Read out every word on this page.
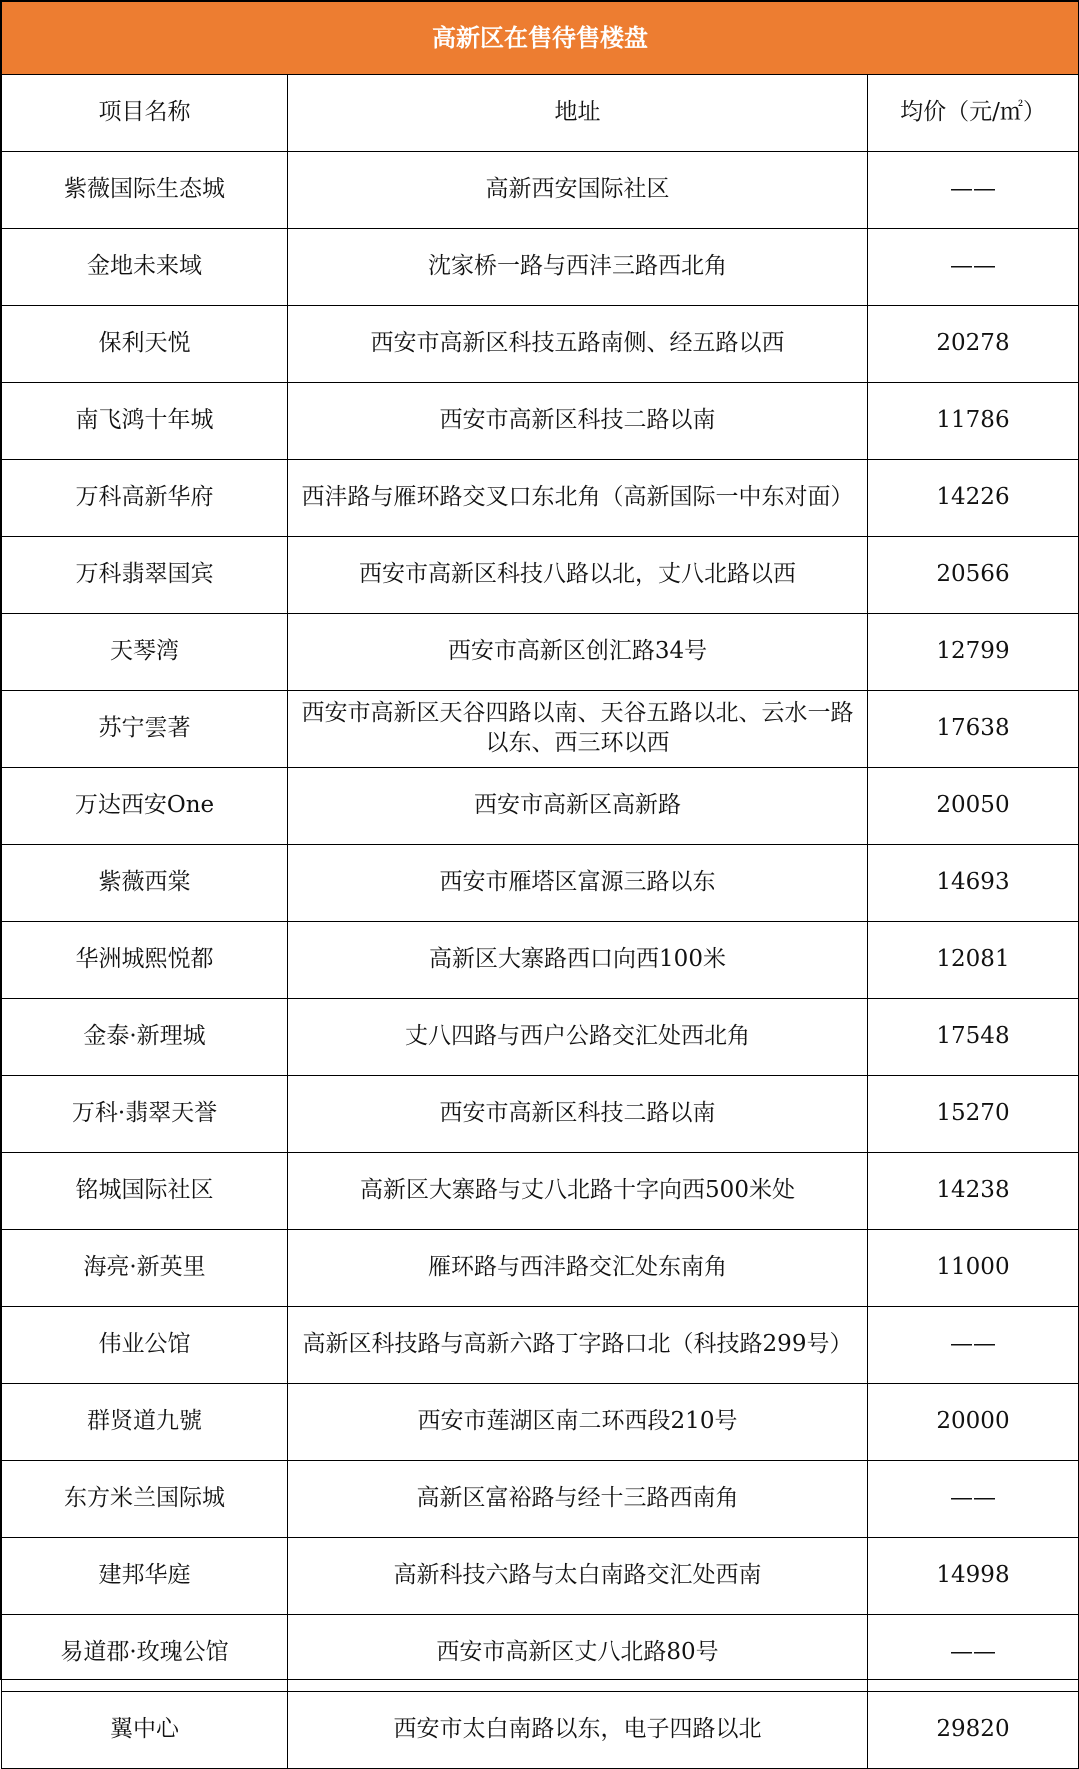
高新区在售待售楼盘		
项目名称	地址	均价（元/㎡）
紫薇国际生态城	高新西安国际社区	——
金地未来域	沈家桥一路与西沣三路西北角	——
保利天悦	西安市高新区科技五路南侧、经五路以西	20278
南飞鸿十年城	西安市高新区科技二路以南	11786
万科高新华府	西沣路与雁环路交叉口东北角（高新国际一中东对面）	14226
万科翡翠国宾	西安市高新区科技八路以北，丈八北路以西	20566
天琴湾	西安市高新区创汇路34号	12799
苏宁雲著	西安市高新区天谷四路以南、天谷五路以北、云水一路以东、西三环以西	17638
万达西安One	西安市高新区高新路	20050
紫薇西棠	西安市雁塔区富源三路以东	14693
华洲城熙悦都	高新区大寨路西口向西100米	12081
金泰·新理城	丈八四路与西户公路交汇处西北角	17548
万科·翡翠天誉	西安市高新区科技二路以南	15270
铭城国际社区	高新区大寨路与丈八北路十字向西500米处	14238
海亮·新英里	雁环路与西沣路交汇处东南角	11000
伟业公馆	高新区科技路与高新六路丁字路口北（科技路299号）	——
群贤道九號	西安市莲湖区南二环西段210号	20000
东方米兰国际城	高新区富裕路与经十三路西南角	——
建邦华庭	高新科技六路与太白南路交汇处西南	14998
易道郡·玫瑰公馆	西安市高新区丈八北路80号	——
翼中心	西安市太白南路以东，电子四路以北	29820
